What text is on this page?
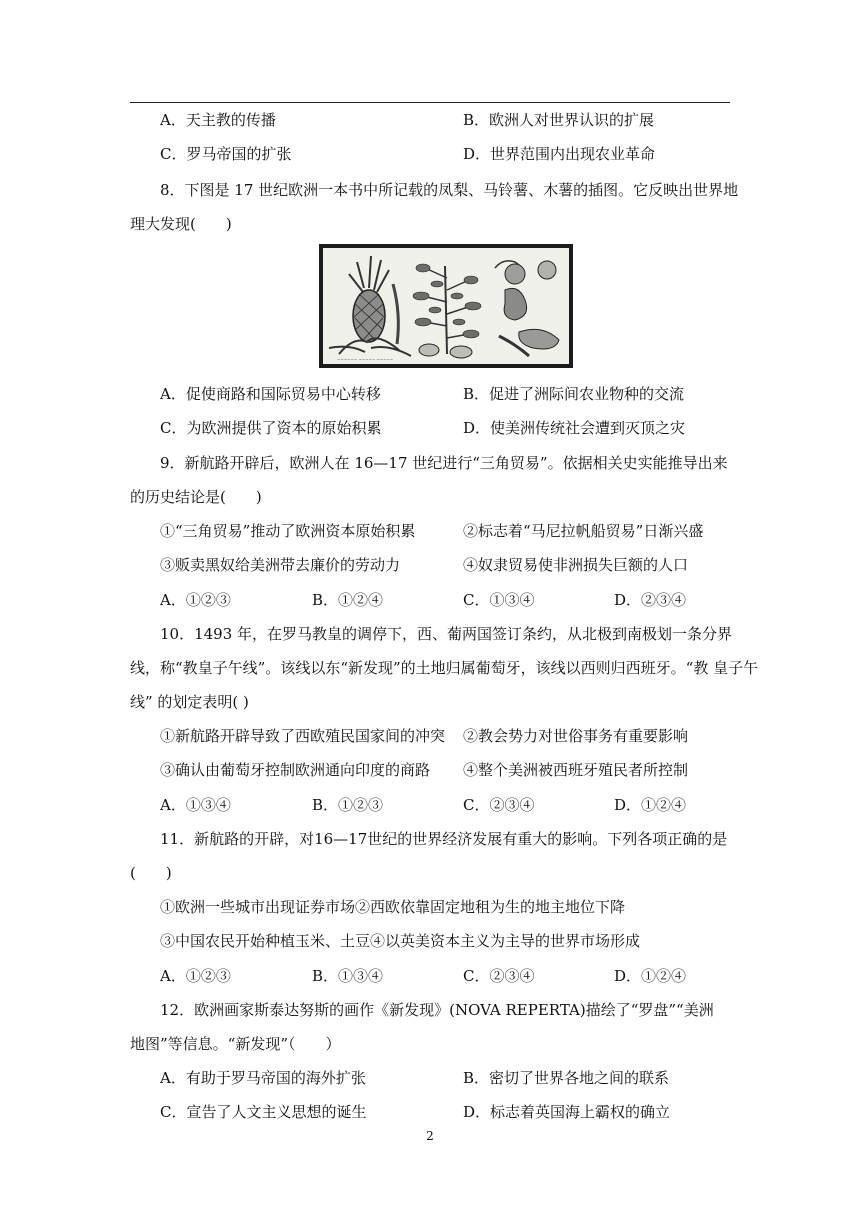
A．天主教的传播	B．欧洲人对世界认识的扩展
C．罗马帝国的扩张	D．世界范围内出现农业革命
8．下图是 17 世纪欧洲一本书中所记载的凤梨、马铃薯、木薯的插图。它反映出世界地
理大发现(　　)
~~~~~~ ~~~~~ ~~~~~
A．促使商路和国际贸易中心转移	B．促进了洲际间农业物种的交流
C．为欧洲提供了资本的原始积累	D．使美洲传统社会遭到灭顶之灾
9．新航路开辟后，欧洲人在 16—17 世纪进行“三角贸易”。依据相关史实能推导出来
的历史结论是(　　)
①“三角贸易”推动了欧洲资本原始积累	②标志着“马尼拉帆船贸易”日渐兴盛
③贩卖黑奴给美洲带去廉价的劳动力	④奴隶贸易使非洲损失巨额的人口
A．①②③	B．①②④	C．①③④	D．②③④
10．1493 年，在罗马教皇的调停下，西、葡两国签订条约，从北极到南极划一条分界
线，称“教皇子午线”。该线以东“新发现”的土地归属葡萄牙，该线以西则归西班牙。“教 皇子午
线” 的划定表明( )
①新航路开辟导致了西欧殖民国家间的冲突 ②教会势力对世俗事务有重要影响
③确认由葡萄牙控制欧洲通向印度的商路 ④整个美洲被西班牙殖民者所控制
A．①③④	B．①②③	C．②③④	D．①②④
11．新航路的开辟，对16—17世纪的世界经济发展有重大的影响。下列各项正确的是
(　　)
①欧洲一些城市出现证券市场②西欧依靠固定地租为生的地主地位下降
③中国农民开始种植玉米、土豆④以英美资本主义为主导的世界市场形成
A．①②③	B．①③④	C．②③④	D．①②④
12．欧洲画家斯泰达努斯的画作《新发现》(NOVA REPERTA)描绘了“罗盘”“美洲
地图”等信息。“新发现”（　　）
A．有助于罗马帝国的海外扩张	B．密切了世界各地之间的联系
C．宣告了人文主义思想的诞生	D．标志着英国海上霸权的确立
2
